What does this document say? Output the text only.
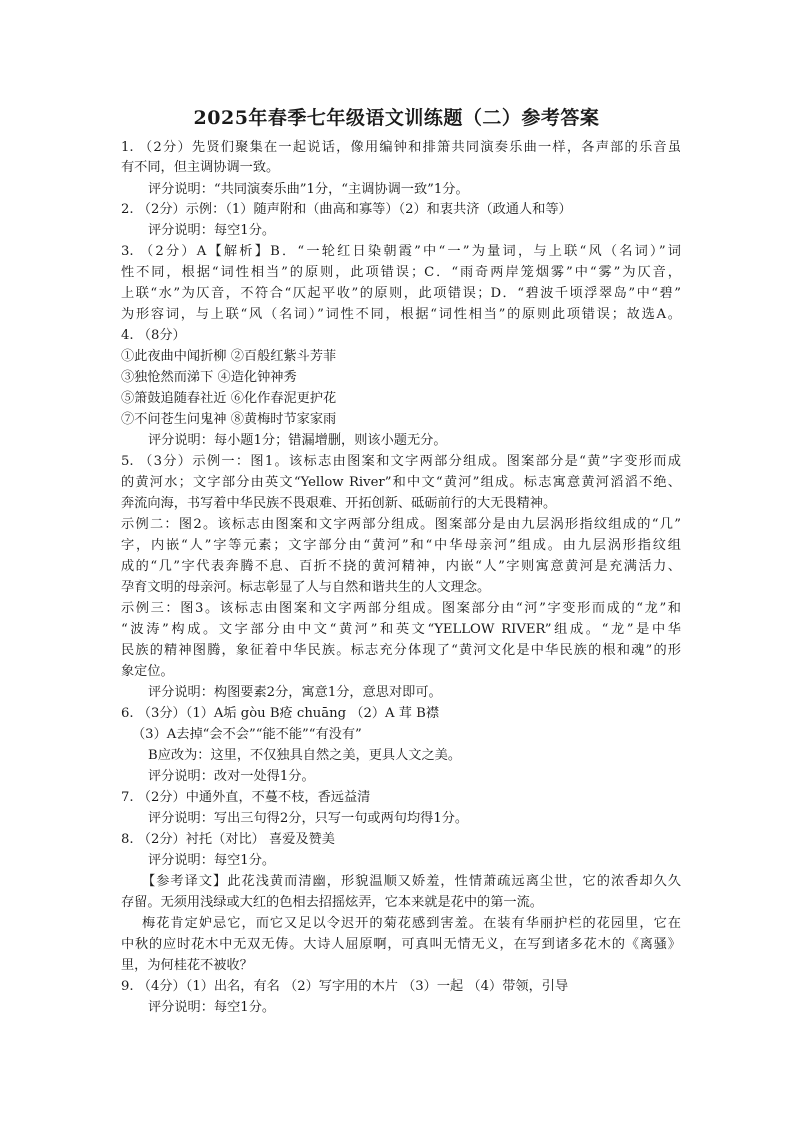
2025年春季七年级语文训练题（二）参考答案
1. （2分）先贤们聚集在一起说话，像用编钟和排箫共同演奏乐曲一样，各声部的乐音虽
有不同，但主调协调一致。
评分说明：“共同演奏乐曲”1分，“主调协调一致”1分。
2. （2分）示例：（1）随声附和（曲高和寡等）（2）和衷共济（政通人和等）
评分说明：每空1分。
3. （2分）A【解析】B．“一轮红日染朝霞”中“一”为量词，与上联“风（名词）”词
性不同，根据“词性相当”的原则，此项错误；C．“雨奇两岸笼烟雾”中“雾”为仄音，
上联“水”为仄音，不符合“仄起平收”的原则，此项错误；D．“碧波千顷浮翠岛”中“碧”
为形容词，与上联“风（名词）”词性不同，根据“词性相当”的原则此项错误；故选A。
4. （8分）
①此夜曲中闻折柳 ②百般红紫斗芳菲
③独怆然而涕下 ④造化钟神秀
⑤箫鼓追随春社近 ⑥化作春泥更护花
⑦不问苍生问鬼神 ⑧黄梅时节家家雨
评分说明：每小题1分；错漏增删，则该小题无分。
5. （3分）示例一：图1。该标志由图案和文字两部分组成。图案部分是“黄”字变形而成
的黄河水；文字部分由英文“Yellow River”和中文“黄河”组成。标志寓意黄河滔滔不绝、
奔流向海，书写着中华民族不畏艰难、开拓创新、砥砺前行的大无畏精神。
示例二：图2。该标志由图案和文字两部分组成。图案部分是由九层涡形指纹组成的“几”
字，内嵌“人”字等元素；文字部分由“黄河”和“中华母亲河”组成。由九层涡形指纹组
成的“几”字代表奔腾不息、百折不挠的黄河精神，内嵌“人”字则寓意黄河是充满活力、
孕育文明的母亲河。标志彰显了人与自然和谐共生的人文理念。
示例三：图3。该标志由图案和文字两部分组成。图案部分由“河”字变形而成的“龙”和
“波涛”构成。文字部分由中文“黄河”和英文“YELLOW RIVER”组成。“龙”是中华
民族的精神图腾，象征着中华民族。标志充分体现了“黄河文化是中华民族的根和魂”的形
象定位。
评分说明：构图要素2分，寓意1分，意思对即可。
6. （3分）（1）A垢 gòu B疮 chuāng （2）A 茸 B襟
（3）A去掉“会不会”“能不能”“有没有”
B应改为：这里，不仅独具自然之美，更具人文之美。
评分说明：改对一处得1分。
7. （2分）中通外直，不蔓不枝，香远益清
评分说明：写出三句得2分，只写一句或两句均得1分。
8. （2分）衬托（对比） 喜爱及赞美
评分说明：每空1分。
【参考译文】此花浅黄而清幽，形貌温顺又娇羞，性情萧疏远离尘世，它的浓香却久久
存留。无须用浅绿或大红的色相去招摇炫弄，它本来就是花中的第一流。
梅花肯定妒忌它，而它又足以令迟开的菊花感到害羞。在装有华丽护栏的花园里，它在
中秋的应时花木中无双无俦。大诗人屈原啊，可真叫无情无义，在写到诸多花木的《离骚》
里，为何桂花不被收？
9. （4分）（1）出名，有名 （2）写字用的木片 （3）一起 （4）带领，引导
评分说明：每空1分。
